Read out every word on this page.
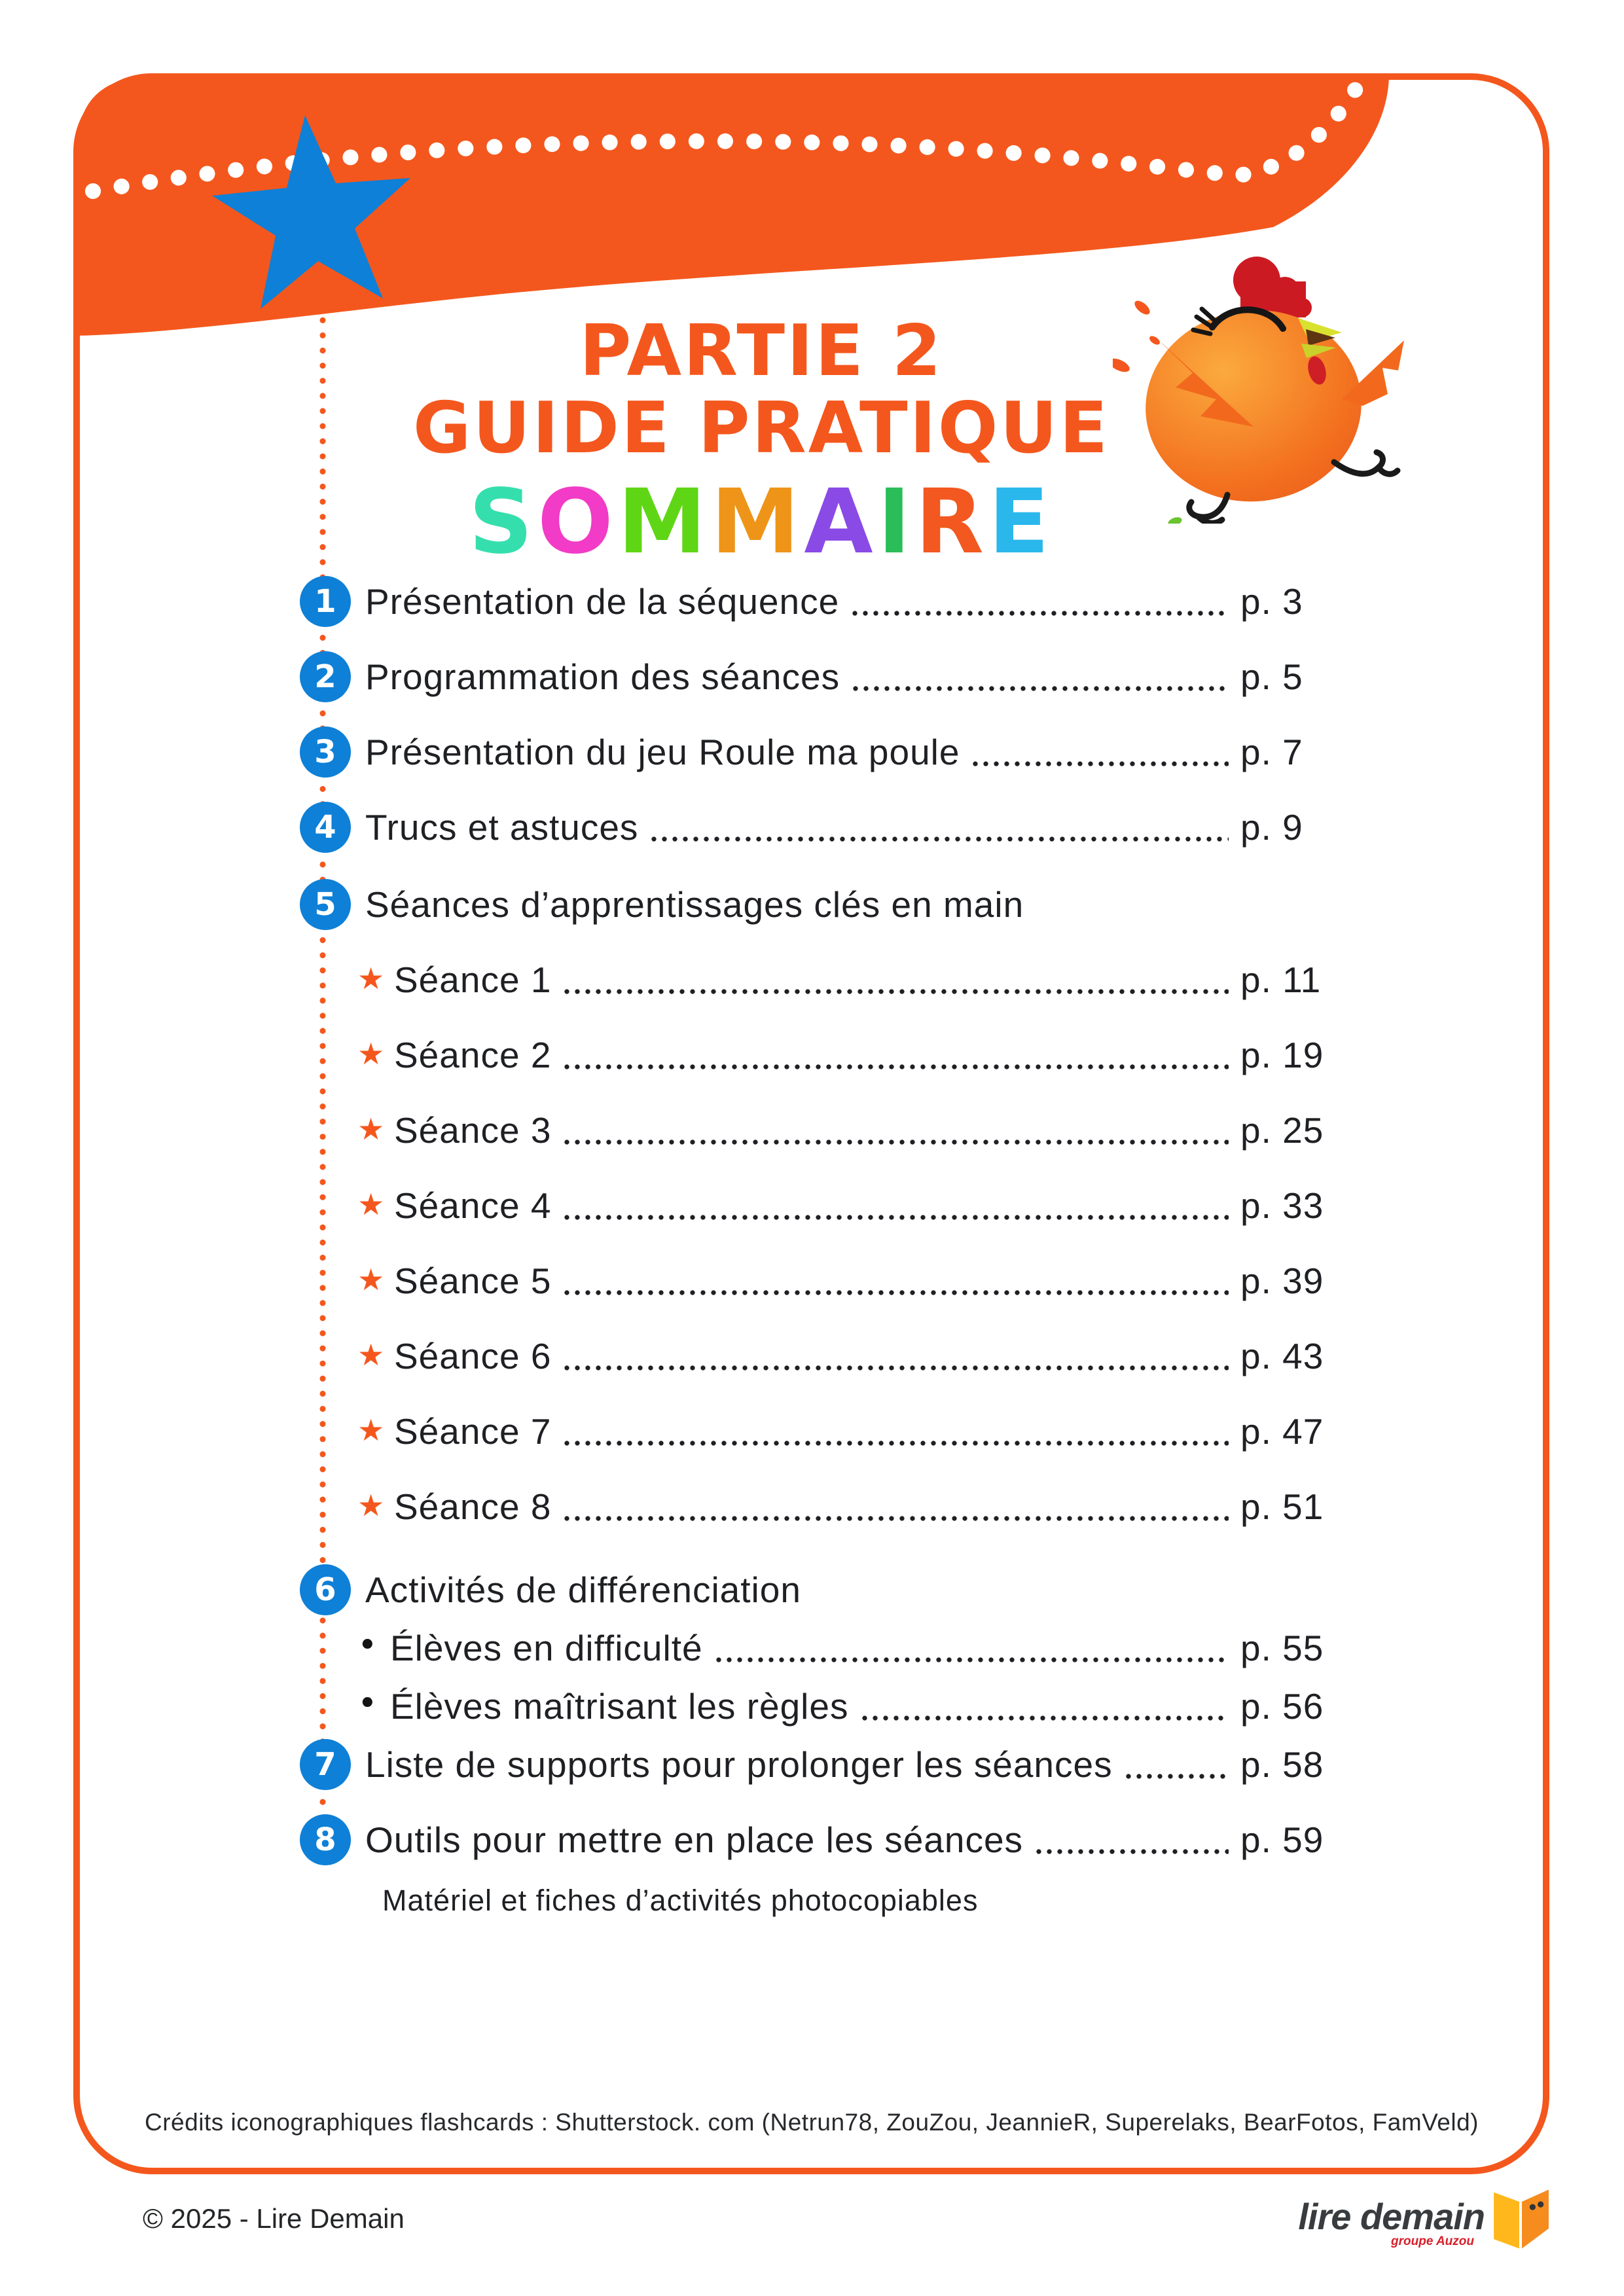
PARTIE 2
GUIDE PRATIQUE
SOMMAIRE
1 Présentation de la séquence	p. 3
2 Programmation des séances	p. 5
3 Présentation du jeu Roule ma poule	p. 7
4 Trucs et astuces	p. 9
5 Séances d’apprentissages clés en main
★ Séance 1	p. 11
★ Séance 2	p. 19
★ Séance 3	p. 25
★ Séance 4	p. 33
★ Séance 5	p. 39
★ Séance 6	p. 43
★ Séance 7	p. 47
★ Séance 8	p. 51
6 Activités de différenciation
• Élèves en difficulté	p. 55
• Élèves maîtrisant les règles	p. 56
7 Liste de supports pour prolonger les séances	p. 58
8 Outils pour mettre en place les séances	p. 59
Matériel et fiches d’activités photocopiables
Crédits iconographiques flashcards : Shutterstock. com (Netrun78, ZouZou, JeannieR, Superelaks, BearFotos, FamVeld)
© 2025 - Lire Demain	lire demain
groupe Auzou
